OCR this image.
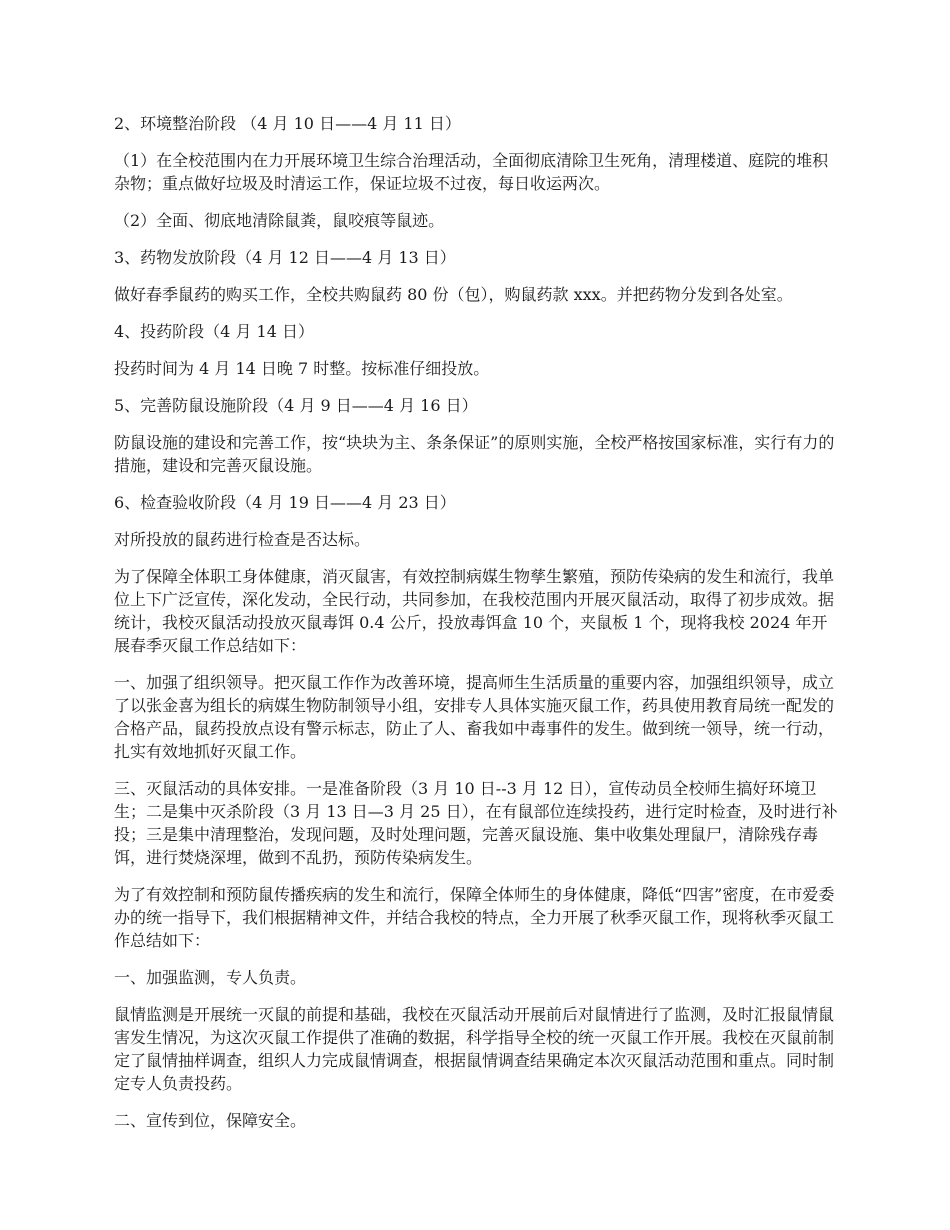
2、环境整治阶段 （4 月 10 日——4 月 11 日）

（1）在全校范围内在力开展环境卫生综合治理活动，全面彻底清除卫生死角，清理楼道、庭院的堆积杂物；重点做好垃圾及时清运工作，保证垃圾不过夜，每日收运两次。

（2）全面、彻底地清除鼠粪，鼠咬痕等鼠迹。

3、药物发放阶段（4 月 12 日——4 月 13 日）

做好春季鼠药的购买工作，全校共购鼠药 80 份（包），购鼠药款 xxx。并把药物分发到各处室。

4、投药阶段（4 月 14 日）

投药时间为 4 月 14 日晚 7 时整。按标准仔细投放。

5、完善防鼠设施阶段（4 月 9 日——4 月 16 日）

防鼠设施的建设和完善工作，按“块块为主、条条保证”的原则实施，全校严格按国家标准，实行有力的措施，建设和完善灭鼠设施。

6、检查验收阶段（4 月 19 日——4 月 23 日）

对所投放的鼠药进行检查是否达标。

为了保障全体职工身体健康，消灭鼠害，有效控制病媒生物孳生繁殖，预防传染病的发生和流行，我单位上下广泛宣传，深化发动，全民行动，共同参加，在我校范围内开展灭鼠活动，取得了初步成效。据统计，我校灭鼠活动投放灭鼠毒饵 0.4 公斤，投放毒饵盒 10 个，夹鼠板 1 个，现将我校 2024 年开展春季灭鼠工作总结如下：

一、加强了组织领导。把灭鼠工作作为改善环境，提高师生生活质量的重要内容，加强组织领导，成立了以张金喜为组长的病媒生物防制领导小组，安排专人具体实施灭鼠工作，药具使用教育局统一配发的合格产品，鼠药投放点设有警示标志，防止了人、畜我如中毒事件的发生。做到统一领导，统一行动，扎实有效地抓好灭鼠工作。

三、灭鼠活动的具体安排。一是准备阶段（3 月 10 日--3 月 12 日），宣传动员全校师生搞好环境卫生；二是集中灭杀阶段（3 月 13 日—3 月 25 日），在有鼠部位连续投药，进行定时检查，及时进行补投；三是集中清理整治，发现问题，及时处理问题，完善灭鼠设施、集中收集处理鼠尸，清除残存毒饵，进行焚烧深埋，做到不乱扔，预防传染病发生。

为了有效控制和预防鼠传播疾病的发生和流行，保障全体师生的身体健康，降低“四害”密度，在市爱委办的统一指导下，我们根据精神文件，并结合我校的特点，全力开展了秋季灭鼠工作，现将秋季灭鼠工作总结如下：

一、加强监测，专人负责。

鼠情监测是开展统一灭鼠的前提和基础，我校在灭鼠活动开展前后对鼠情进行了监测，及时汇报鼠情鼠害发生情况，为这次灭鼠工作提供了准确的数据，科学指导全校的统一灭鼠工作开展。我校在灭鼠前制定了鼠情抽样调查，组织人力完成鼠情调查，根据鼠情调查结果确定本次灭鼠活动范围和重点。同时制定专人负责投药。

二、宣传到位，保障安全。
